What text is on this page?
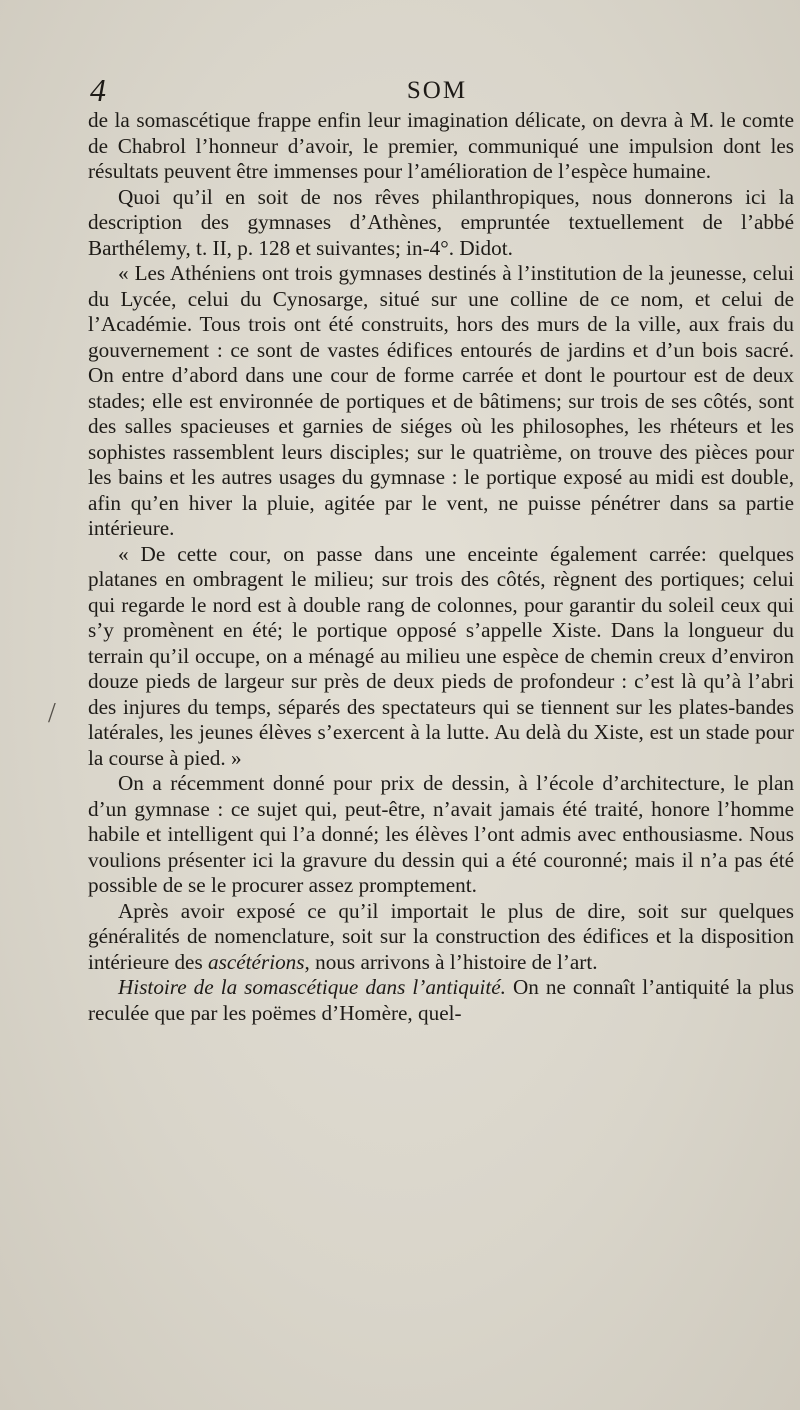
4	SOM
/

de la somascétique frappe enfin leur imagination délicate, on devra à M. le comte de Chabrol l’honneur d’avoir, le premier, communiqué une impulsion dont les résultats peuvent être immenses pour l’amélioration de l’espèce humaine.

Quoi qu’il en soit de nos rêves philanthropiques, nous donnerons ici la description des gymnases d’Athènes, empruntée textuellement de l’abbé Barthélemy, t. II, p. 128 et suivantes; in-4°. Didot.

« Les Athéniens ont trois gymnases destinés à l’institution de la jeunesse, celui du Lycée, celui du Cynosarge, situé sur une colline de ce nom, et celui de l’Académie. Tous trois ont été construits, hors des murs de la ville, aux frais du gouvernement : ce sont de vastes édifices entourés de jardins et d’un bois sacré. On entre d’abord dans une cour de forme carrée et dont le pourtour est de deux stades; elle est environnée de portiques et de bâtimens; sur trois de ses côtés, sont des salles spacieuses et garnies de siéges où les philosophes, les rhéteurs et les sophistes rassemblent leurs disciples; sur le quatrième, on trouve des pièces pour les bains et les autres usages du gymnase : le portique exposé au midi est double, afin qu’en hiver la pluie, agitée par le vent, ne puisse pénétrer dans sa partie intérieure.

« De cette cour, on passe dans une enceinte également carrée: quelques platanes en ombragent le milieu; sur trois des côtés, règnent des portiques; celui qui regarde le nord est à double rang de colonnes, pour garantir du soleil ceux qui s’y promènent en été; le portique opposé s’appelle Xiste. Dans la longueur du terrain qu’il occupe, on a ménagé au milieu une espèce de chemin creux d’environ douze pieds de largeur sur près de deux pieds de profondeur : c’est là qu’à l’abri des injures du temps, séparés des spectateurs qui se tiennent sur les plates-bandes latérales, les jeunes élèves s’exercent à la lutte. Au delà du Xiste, est un stade pour la course à pied. »

On a récemment donné pour prix de dessin, à l’école d’architecture, le plan d’un gymnase : ce sujet qui, peut-être, n’avait jamais été traité, honore l’homme habile et intelligent qui l’a donné; les élèves l’ont admis avec enthousiasme. Nous voulions présenter ici la gravure du dessin qui a été couronné; mais il n’a pas été possible de se le procurer assez promptement.

Après avoir exposé ce qu’il importait le plus de dire, soit sur quelques généralités de nomenclature, soit sur la construction des édifices et la disposition intérieure des ascétérions, nous arrivons à l’histoire de l’art.

Histoire de la somascétique dans l’antiquité. On ne connaît l’antiquité la plus reculée que par les poëmes d’Homère, quel-
